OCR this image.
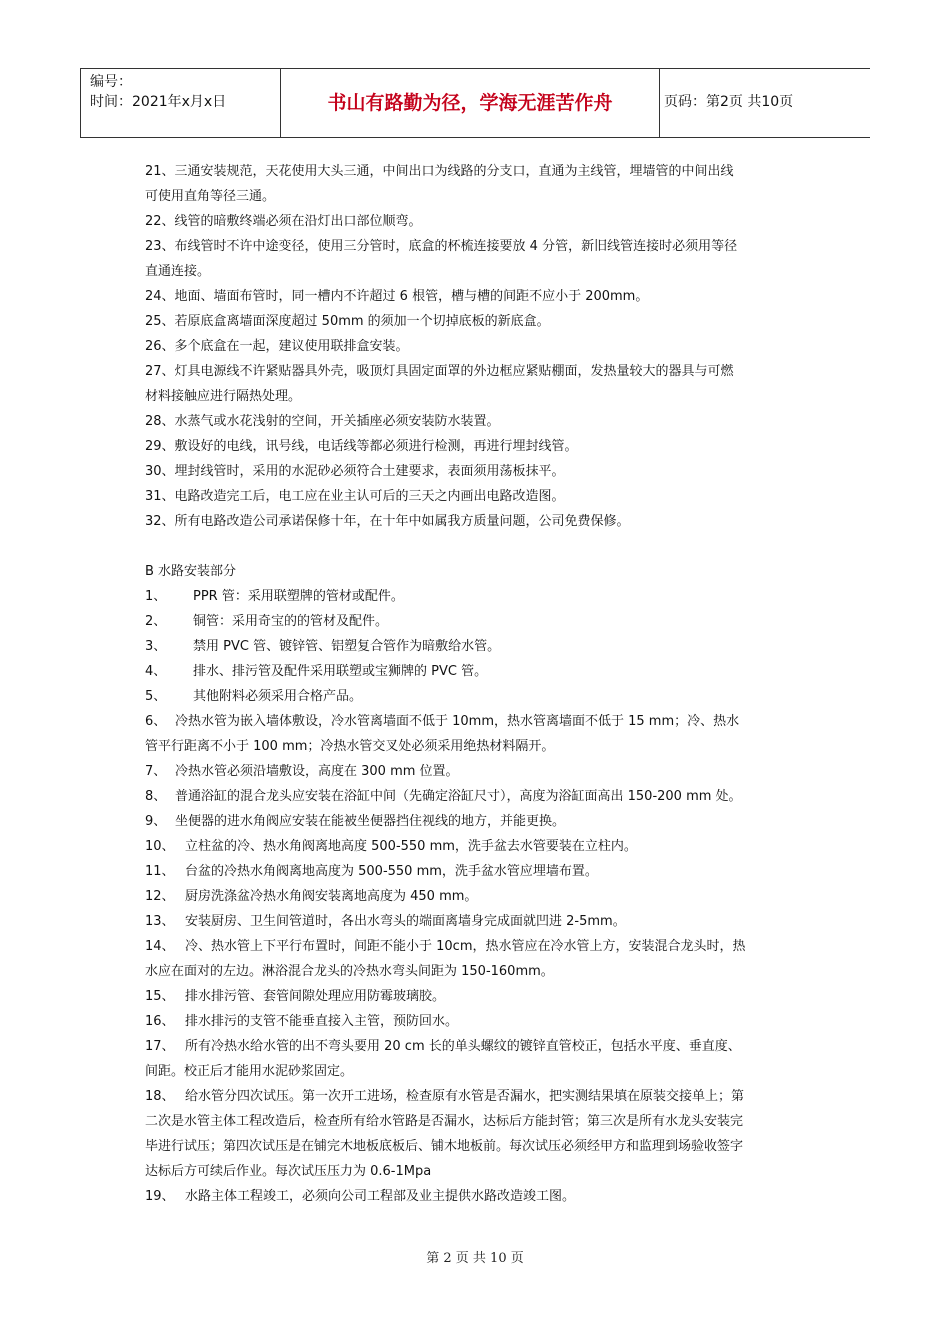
编号：
时间：2021年x月x日	书山有路勤为径，学海无涯苦作舟	页码：第2页 共10页

21、三通安装规范，天花使用大头三通，中间出口为线路的分支口，直通为主线管，埋墙管的中间出线

可使用直角等径三通。

22、线管的暗敷终端必须在沿灯出口部位顺弯。

23、布线管时不许中途变径，使用三分管时，底盒的杯梳连接要放 4 分管，新旧线管连接时必须用等径

直通连接。

24、地面、墙面布管时，同一槽内不许超过 6 根管，槽与槽的间距不应小于 200mm。

25、若原底盒离墙面深度超过 50mm 的须加一个切掉底板的新底盒。

26、多个底盒在一起，建议使用联排盒安装。

27、灯具电源线不许紧贴器具外壳，吸顶灯具固定面罩的外边框应紧贴棚面，发热量较大的器具与可燃

材料接触应进行隔热处理。

28、水蒸气或水花浅射的空间，开关插座必须安装防水装置。

29、敷设好的电线，讯号线，电话线等都必须进行检测，再进行埋封线管。

30、埋封线管时，采用的水泥砂必须符合土建要求，表面须用荡板抹平。

31、电路改造完工后，电工应在业主认可后的三天之内画出电路改造图。

32、所有电路改造公司承诺保修十年，在十年中如属我方质量问题，公司免费保修。

B 水路安装部分

1、 PPR 管：采用联塑牌的管材或配件。

2、 铜管：采用奇宝的的管材及配件。

3、 禁用 PVC 管、镀锌管、铝塑复合管作为暗敷给水管。

4、 排水、排污管及配件采用联塑或宝狮牌的 PVC 管。

5、 其他附料必须采用合格产品。

6、 冷热水管为嵌入墙体敷设，冷水管离墙面不低于 10mm，热水管离墙面不低于 15 mm；冷、热水

管平行距离不小于 100 mm；冷热水管交叉处必须采用绝热材料隔开。

7、 冷热水管必须沿墙敷设，高度在 300 mm 位置。

8、 普通浴缸的混合龙头应安装在浴缸中间（先确定浴缸尺寸），高度为浴缸面高出 150-200 mm 处。

9、 坐便器的进水角阀应安装在能被坐便器挡住视线的地方，并能更换。

10、 立柱盆的冷、热水角阀离地高度 500-550 mm，洗手盆去水管要装在立柱内。

11、 台盆的冷热水角阀离地高度为 500-550 mm，洗手盆水管应埋墙布置。

12、 厨房洗涤盆冷热水角阀安装离地高度为 450 mm。

13、 安装厨房、卫生间管道时，各出水弯头的端面离墙身完成面就凹进 2-5mm。

14、 冷、热水管上下平行布置时，间距不能小于 10cm，热水管应在冷水管上方，安装混合龙头时，热

水应在面对的左边。淋浴混合龙头的冷热水弯头间距为 150-160mm。

15、 排水排污管、套管间隙处理应用防霉玻璃胶。

16、 排水排污的支管不能垂直接入主管，预防回水。

17、 所有冷热水给水管的出不弯头要用 20 cm 长的单头螺纹的镀锌直管校正，包括水平度、垂直度、

间距。校正后才能用水泥砂浆固定。

18、 给水管分四次试压。第一次开工进场，检查原有水管是否漏水，把实测结果填在原装交接单上；第

二次是水管主体工程改造后，检查所有给水管路是否漏水，达标后方能封管；第三次是所有水龙头安装完

毕进行试压；第四次试压是在铺完木地板底板后、铺木地板前。每次试压必须经甲方和监理到场验收签字

达标后方可续后作业。每次试压压力为 0.6-1Mpa

19、 水路主体工程竣工，必须向公司工程部及业主提供水路改造竣工图。

第 2 页 共 10 页
